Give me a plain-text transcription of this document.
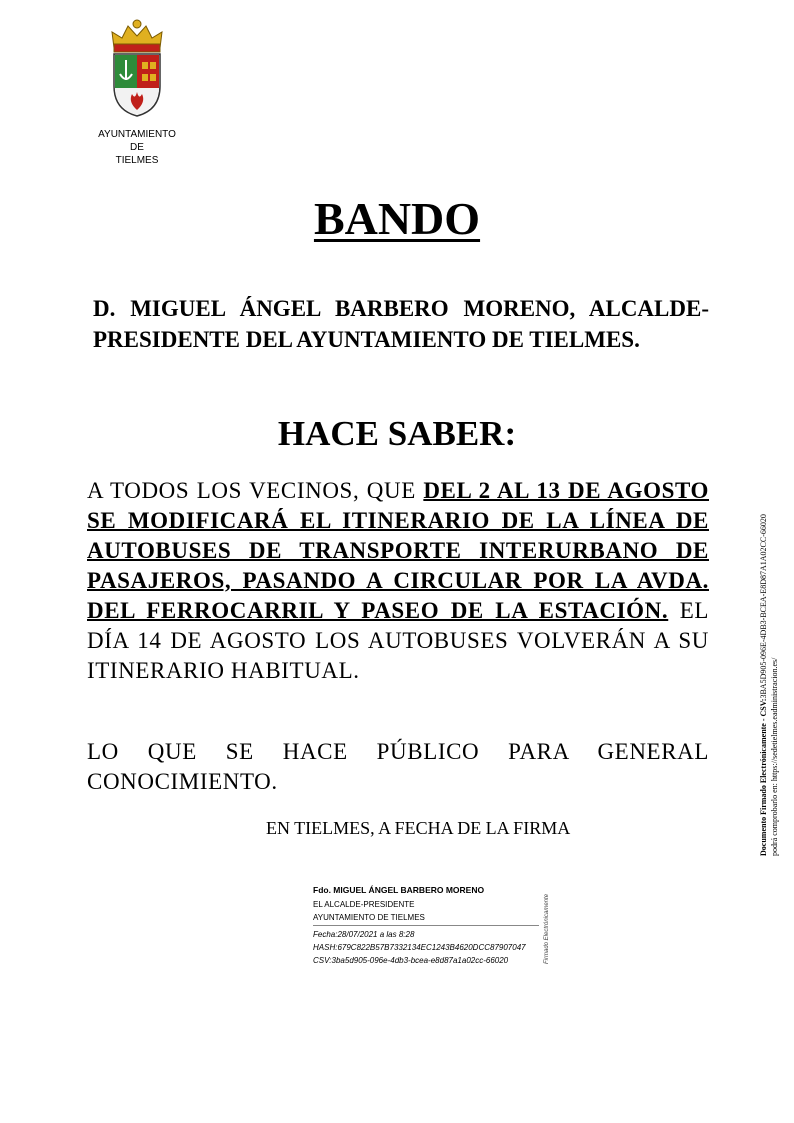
AYUNTAMIENTO
DE
TIELMES
BANDO
D. MIGUEL ÁNGEL BARBERO MORENO, ALCALDE-PRESIDENTE DEL AYUNTAMIENTO DE TIELMES.
HACE SABER:
A TODOS LOS VECINOS, QUE DEL 2 AL 13 DE AGOSTO SE MODIFICARÁ EL ITINERARIO DE LA LÍNEA DE AUTOBUSES DE TRANSPORTE INTERURBANO DE PASAJEROS, PASANDO A CIRCULAR POR LA AVDA. DEL FERROCARRIL Y PASEO DE LA ESTACIÓN. EL DÍA 14 DE AGOSTO LOS AUTOBUSES VOLVERÁN A SU ITINERARIO HABITUAL.
LO QUE SE HACE PÚBLICO PARA GENERAL CONOCIMIENTO.
EN TIELMES, A FECHA DE LA FIRMA
Fdo. MIGUEL ÁNGEL BARBERO MORENO
EL ALCALDE-PRESIDENTE
AYUNTAMIENTO DE TIELMES
Fecha:28/07/2021 a las 8:28
HASH:679C822B57B7332134EC1243B4620DCC87907047
CSV:3ba5d905-096e-4db3-bcea-e8d87a1a02cc-66020	Firmado Electrónicamente
Documento Firmado Electrónicamente - CSV:3BA5D905-096E-4DB3-BCEA-E8D87A1A02CC-66020
podrá comprobarlo en: https://sedetielmes.eadministracion.es/
